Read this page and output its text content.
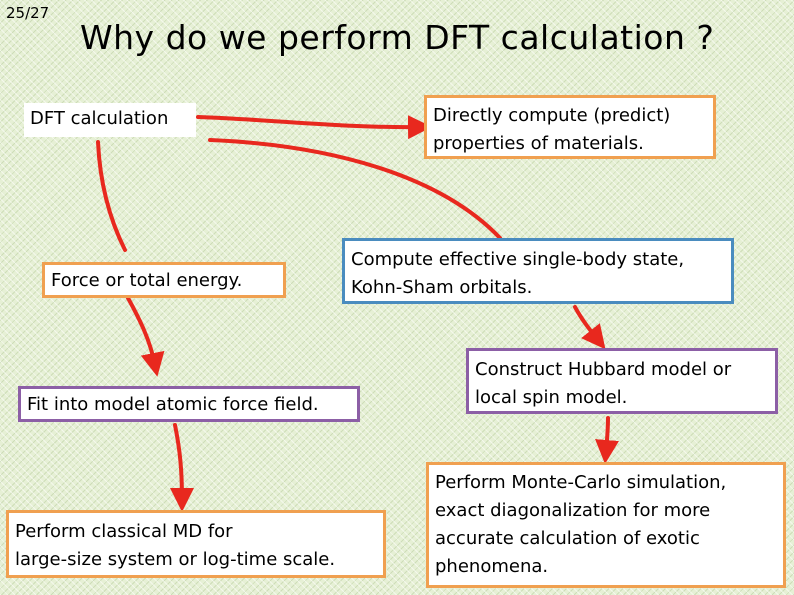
25/27
Why do we perform DFT calculation ?
DFT calculation	Directly compute (predict)
properties of materials.
Force or total energy.
Compute effective single-body state,
Kohn-Sham orbitals.
Fit into model atomic force field.
Construct Hubbard model or
local spin model.
Perform classical MD for
large-size system or log-time scale.
Perform Monte-Carlo simulation,
exact diagonalization for more
accurate calculation of exotic
phenomena.
